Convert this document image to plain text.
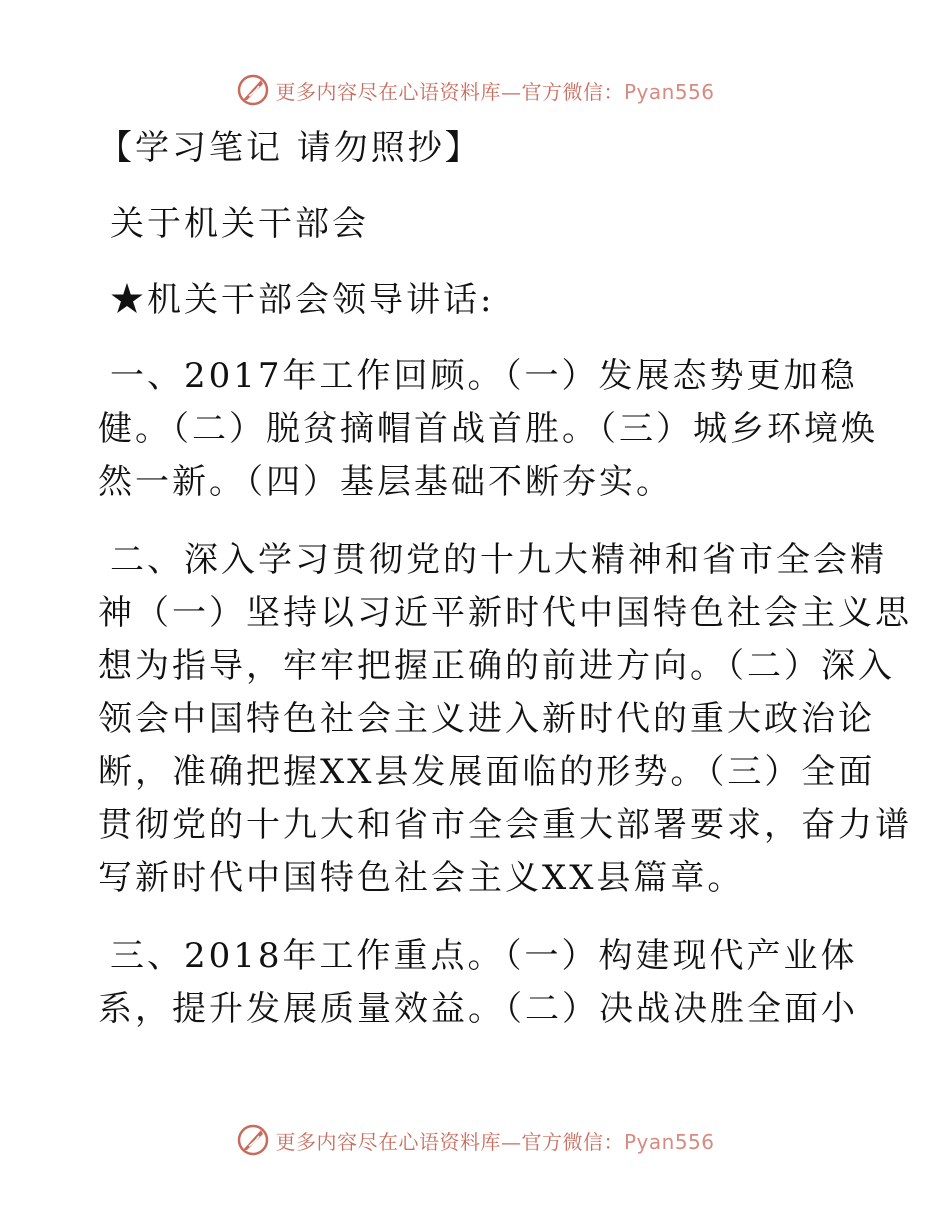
更多内容尽在心语资料库—官方微信：Pyan556
【学习笔记 请勿照抄】
关于机关干部会
★机关干部会领导讲话:
一、2017年工作回顾。（一）发展态势更加稳
健。（二）脱贫摘帽首战首胜。（三）城乡环境焕
然一新。（四）基层基础不断夯实。
二、深入学习贯彻党的十九大精神和省市全会精
神（一）坚持以习近平新时代中国特色社会主义思
想为指导，牢牢把握正确的前进方向。（二）深入
领会中国特色社会主义进入新时代的重大政治论
断，准确把握XX县发展面临的形势。（三）全面
贯彻党的十九大和省市全会重大部署要求，奋力谱
写新时代中国特色社会主义XX县篇章。
三、2018年工作重点。（一）构建现代产业体
系，提升发展质量效益。（二）决战决胜全面小
更多内容尽在心语资料库—官方微信：Pyan556
